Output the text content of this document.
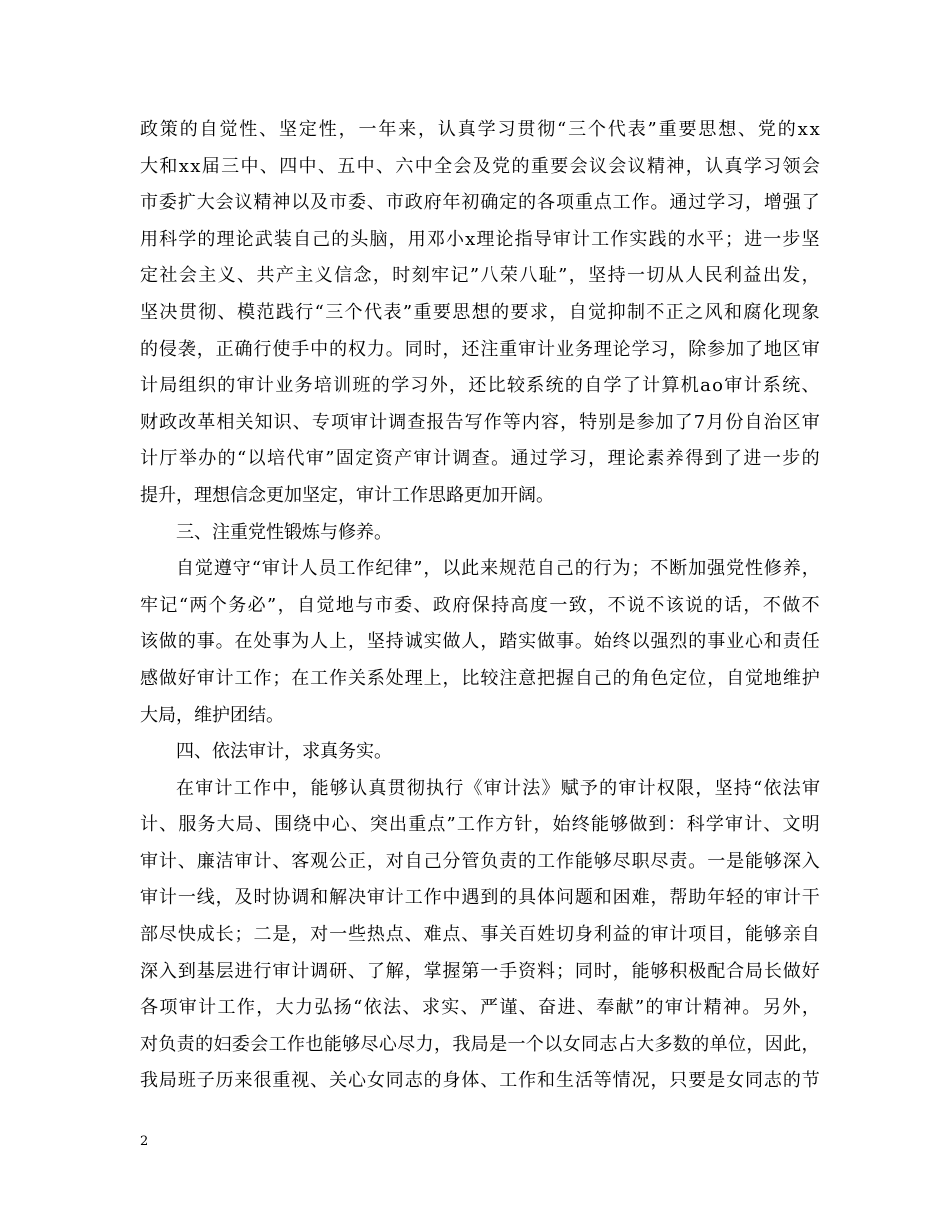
政 策 的 自 觉 性 、 坚 定 性 ， 一 年 来 ， 认 真 学 习 贯 彻 “ 三 个 代 表 ” 重 要 思 想 、 党 的 x x
大 和 x x 届 三 中 、 四 中 、 五 中 、 六 中 全 会 及 党 的 重 要 会 议 会 议 精 神 ， 认 真 学 习 领 会
市 委 扩 大 会 议 精 神 以 及 市 委 、 市 政 府 年 初 确 定 的 各 项 重 点 工 作 。 通 过 学 习 ， 增 强 了
用 科 学 的 理 论 武 装 自 己 的 头 脑 ， 用 邓 小 x 理 论 指 导 审 计 工 作 实 践 的 水 平 ； 进 一 步 坚
定 社 会 主 义 、 共 产 主 义 信 念 ， 时 刻 牢 记 ” 八 荣 八 耻 ” ， 坚 持 一 切 从 人 民 利 益 出 发 ，
坚 决 贯 彻 、 模 范 践 行 “ 三 个 代 表 ” 重 要 思 想 的 要 求 ， 自 觉 抑 制 不 正 之 风 和 腐 化 现 象
的 侵 袭 ， 正 确 行 使 手 中 的 权 力 。 同 时 ， 还 注 重 审 计 业 务 理 论 学 习 ， 除 参 加 了 地 区 审
计 局 组 织 的 审 计 业 务 培 训 班 的 学 习 外 ， 还 比 较 系 统 的 自 学 了 计 算 机 a o 审 计 系 统 、
财 政 改 革 相 关 知 识 、 专 项 审 计 调 查 报 告 写 作 等 内 容 ， 特 别 是 参 加 了 7 月 份 自 治 区 审
计 厅 举 办 的 “ 以 培 代 审 ” 固 定 资 产 审 计 调 查 。 通 过 学 习 ， 理 论 素 养 得 到 了 进 一 步 的
提升，理想信念更加坚定，审计工作思路更加开阔。
三、注重党性锻炼与修养。
自 觉 遵 守 “ 审 计 人 员 工 作 纪 律 ” ， 以 此 来 规 范 自 己 的 行 为 ； 不 断 加 强 党 性 修 养 ，
牢 记 “ 两 个 务 必 ” ， 自 觉 地 与 市 委 、 政 府 保 持 高 度 一 致 ， 不 说 不 该 说 的 话 ， 不 做 不
该 做 的 事 。 在 处 事 为 人 上 ， 坚 持 诚 实 做 人 ， 踏 实 做 事 。 始 终 以 强 烈 的 事 业 心 和 责 任
感 做 好 审 计 工 作 ； 在 工 作 关 系 处 理 上 ， 比 较 注 意 把 握 自 己 的 角 色 定 位 ， 自 觉 地 维 护
大局，维护团结。
四、依法审计，求真务实。
在 审 计 工 作 中 ， 能 够 认 真 贯 彻 执 行 《 审 计 法 》 赋 予 的 审 计 权 限 ， 坚 持 “ 依 法 审
计 、 服 务 大 局 、 围 绕 中 心 、 突 出 重 点 ” 工 作 方 针 ， 始 终 能 够 做 到 ： 科 学 审 计 、 文 明
审 计 、 廉 洁 审 计 、 客 观 公 正 ， 对 自 己 分 管 负 责 的 工 作 能 够 尽 职 尽 责 。 一 是 能 够 深 入
审 计 一 线 ， 及 时 协 调 和 解 决 审 计 工 作 中 遇 到 的 具 体 问 题 和 困 难 ， 帮 助 年 轻 的 审 计 干
部 尽 快 成 长 ； 二 是 ， 对 一 些 热 点 、 难 点 、 事 关 百 姓 切 身 利 益 的 审 计 项 目 ， 能 够 亲 自
深 入 到 基 层 进 行 审 计 调 研 、 了 解 ， 掌 握 第 一 手 资 料 ； 同 时 ， 能 够 积 极 配 合 局 长 做 好
各 项 审 计 工 作 ， 大 力 弘 扬 “ 依 法 、 求 实 、 严 谨 、 奋 进 、 奉 献 ” 的 审 计 精 神 。 另 外 ，
对 负 责 的 妇 委 会 工 作 也 能 够 尽 心 尽 力 ， 我 局 是 一 个 以 女 同 志 占 大 多 数 的 单 位 ， 因 此 ，
我 局 班 子 历 来 很 重 视 、 关 心 女 同 志 的 身 体 、 工 作 和 生 活 等 情 况 ， 只 要 是 女 同 志 的 节
2
